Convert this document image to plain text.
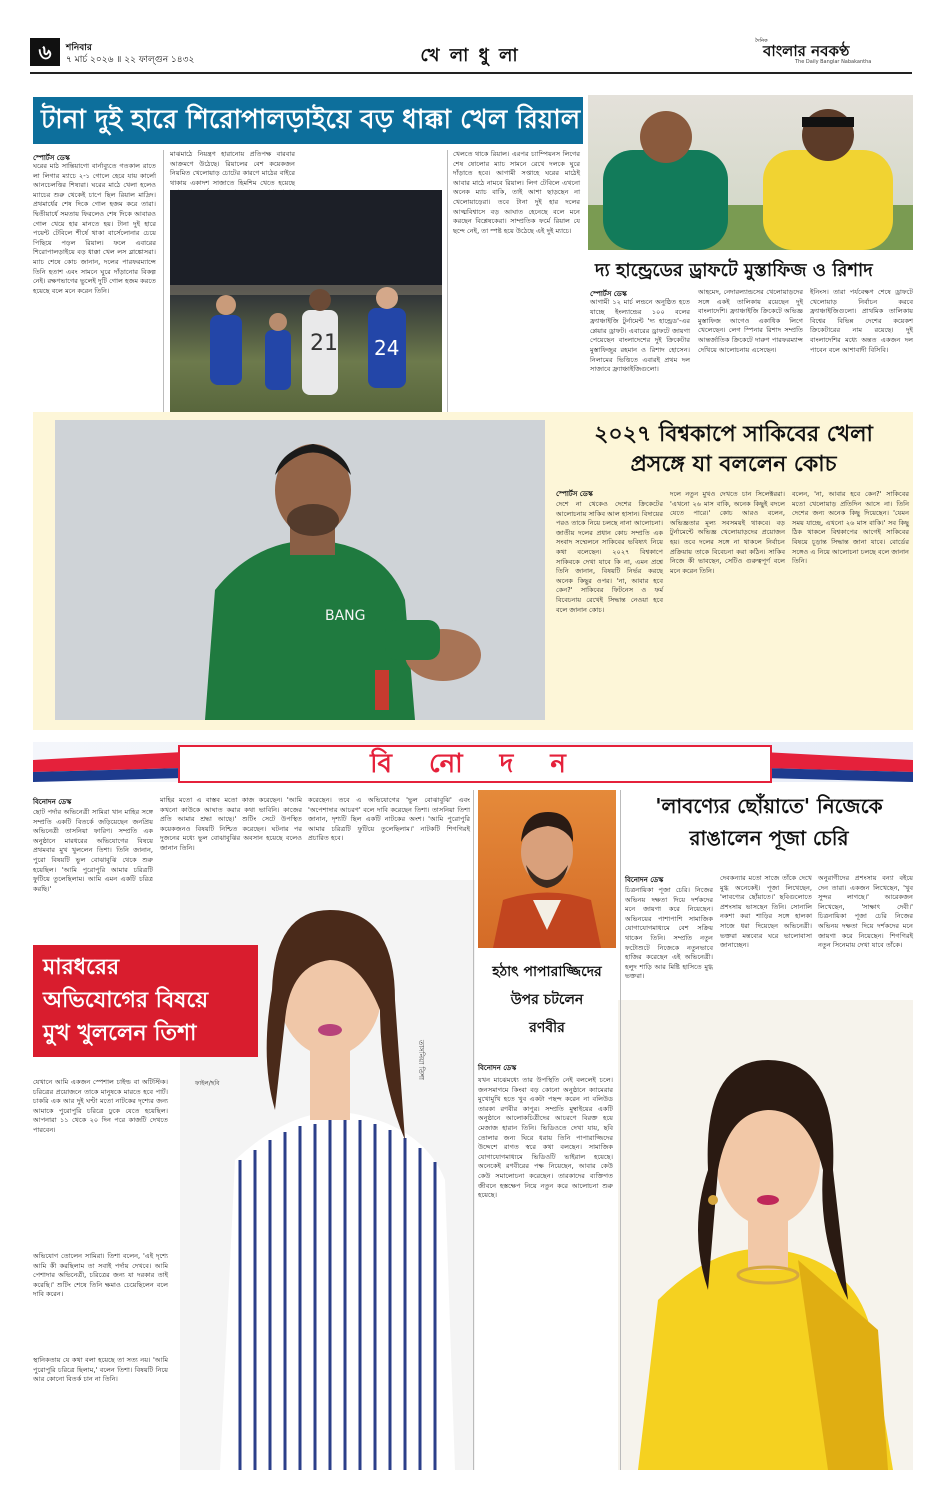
৬	শনিবার
৭ মার্চ ২০২৬ ॥ ২২ ফাল্গুন ১৪৩২	খে লা ধু লা
দৈনিক
বাংলার নবকণ্ঠ
The Daily Banglar Nabakantha
টানা দুই হারে শিরোপালড়াইয়ে বড় ধাক্কা খেল রিয়াল
স্পোর্টস ডেস্ক
ঘরের মাঠ সান্তিয়াগো বার্নাব্যুতে গতকাল রাতে লা লিগার ম্যাচে ২-১ গোলে হেরে যায় কার্লো আনচেলত্তির শিষ্যরা। ঘরের মাঠে খেলা হলেও ম্যাচের শুরু থেকেই চাপে ছিল রিয়াল মাদ্রিদ। প্রথমার্ধের শেষ দিকে গোল হজম করে তারা। দ্বিতীয়ার্ধে সমতায় ফিরলেও শেষ দিকে আবারও গোল খেয়ে হার মানতে হয়। টানা দুই হারে পয়েন্ট টেবিলে শীর্ষে থাকা বার্সেলোনার চেয়ে পিছিয়ে পড়ল রিয়াল। ফলে এবারের শিরোপালড়াইয়ে বড় ধাক্কা খেল লস ব্লাঙ্কোসরা। ম্যাচ শেষে কোচ জানান, দলের পারফরম্যান্সে তিনি হতাশ এবং সামনে ঘুরে দাঁড়ানোর বিকল্প নেই। রক্ষণভাগের ভুলেই দুটি গোল হজম করতে হয়েছে বলে মনে করেন তিনি।
মাঝমাঠে নিয়ন্ত্রণ হারানোয় প্রতিপক্ষ বারবার আক্রমণে উঠেছে। রিয়ালের বেশ কয়েকজন নিয়মিত খেলোয়াড় চোটের কারণে মাঠের বাইরে থাকায় একাদশ সাজাতে হিমশিম খেতে হয়েছে
খেলতে থাকে রিয়াল। এরপর চ্যাম্পিয়নস লিগের শেষ ষোলোর ম্যাচ সামনে রেখে দলকে ঘুরে দাঁড়াতে হবে। আগামী সপ্তাহে ঘরের মাঠেই আবার মাঠে নামবে রিয়াল। লিগ টেবিলে এখনো অনেক ম্যাচ বাকি, তাই আশা ছাড়ছেন না খেলোয়াড়েরা। তবে টানা দুই হার দলের আত্মবিশ্বাসে বড় আঘাত হেনেছে বলে মনে করছেন বিশ্লেষকেরা। সাম্প্রতিক ফর্মে রিয়াল যে ছন্দে নেই, তা স্পষ্ট হয়ে উঠেছে এই দুই ম্যাচে।
21 24
দ্য হান্ড্রেডের ড্রাফটে মুস্তাফিজ ও রিশাদ
স্পোর্টস ডেস্ক
আগামী ১২ মার্চ লন্ডনে অনুষ্ঠিত হতে যাচ্ছে ইংল্যান্ডের ১০০ বলের ফ্র্যাঞ্চাইজি টুর্নামেন্ট 'দ্য হান্ড্রেড'-এর প্লেয়ার ড্রাফট। এবারের ড্রাফটে জায়গা পেয়েছেন বাংলাদেশের দুই ক্রিকেটার মুস্তাফিজুর রহমান ও রিশাদ হোসেন। নিলামের ভিত্তিতে এবারই প্রথম দল সাজাবে ফ্র্যাঞ্চাইজিগুলো।
আহমেদ, নেদারল্যান্ডসের খেলোয়াড়দের সঙ্গে একই তালিকায় রয়েছেন দুই বাংলাদেশি। ফ্র্যাঞ্চাইজি ক্রিকেটে অভিজ্ঞ মুস্তাফিজ আগেও একাধিক লিগে খেলেছেন। লেগ স্পিনার রিশাদ সম্প্রতি আন্তর্জাতিক ক্রিকেটে দারুণ পারফরম্যান্স দেখিয়ে আলোচনায় এসেছেন।
ইনিংস। তারা পর্যবেক্ষণ শেষে ড্রাফটে খেলোয়াড় নির্বাচন করবে ফ্র্যাঞ্চাইজিগুলো। প্রাথমিক তালিকায় বিশ্বের বিভিন্ন দেশের কয়েকশ ক্রিকেটারের নাম রয়েছে। দুই বাংলাদেশির মধ্যে অন্তত একজন দল পাবেন বলে আশাবাদী বিসিবি।
BANG
২০২৭ বিশ্বকাপে সাকিবের খেলা
প্রসঙ্গে যা বললেন কোচ
স্পোর্টস ডেস্ক
দেশে না থেকেও দেশের ক্রিকেটের আলোচনায় সাকিব আল হাসান। বিদায়ের পরও তাকে নিয়ে চলছে নানা আলোচনা। জাতীয় দলের প্রধান কোচ সম্প্রতি এক সংবাদ সম্মেলনে সাকিবের ভবিষ্যৎ নিয়ে কথা বলেছেন। ২০২৭ বিশ্বকাপে সাকিবকে দেখা যাবে কি না, এমন প্রশ্নে তিনি জানান, বিষয়টি নির্ভর করছে অনেক কিছুর ওপর। 'না, আবার হবে কেন?' সাকিবের ফিটনেস ও ফর্ম বিবেচনায় রেখেই সিদ্ধান্ত নেওয়া হবে বলে জানান কোচ।
দলে নতুন মুখও দেখতে চান সিলেক্টররা। 'এখনো ২৬ মাস বাকি, অনেক কিছুই বদলে যেতে পারে।' কোচ আরও বলেন, অভিজ্ঞতার মূল্য সবসময়ই থাকবে। বড় টুর্নামেন্টে অভিজ্ঞ খেলোয়াড়দের প্রয়োজন হয়। তবে দলের সঙ্গে না থাকলে নির্বাচন প্রক্রিয়ায় তাকে বিবেচনা করা কঠিন। সাকিব নিজে কী ভাবছেন, সেটিও গুরুত্বপূর্ণ বলে মনে করেন তিনি।
বলেন, 'না, আবার হবে কেন?' সাকিবের মতো খেলোয়াড় প্রতিদিন আসে না। তিনি দেশের জন্য অনেক কিছু দিয়েছেন। 'যেমন সময় যাচ্ছে, এখনো ২৬ মাস বাকি।' সব কিছু ঠিক থাকলে বিশ্বকাপের আগেই সাকিবের বিষয়ে চূড়ান্ত সিদ্ধান্ত জানা যাবে। বোর্ডের সঙ্গেও এ নিয়ে আলোচনা চলছে বলে জানান তিনি।
বি নো দ ন
বিনোদন ডেস্ক
ছোট পর্দার অভিনেত্রী সামিরা খান মাহির সঙ্গে সম্প্রতি একটি বিতর্কে জড়িয়েছেন জনপ্রিয় অভিনেত্রী তাসনিয়া ফারিণ। সম্প্রতি এক অনুষ্ঠানে মারধরের অভিযোগের বিষয়ে প্রথমবার মুখ খুললেন তিশা। তিনি জানান, পুরো বিষয়টি ভুল বোঝাবুঝি থেকে শুরু হয়েছিল। 'আমি পুরোপুরি আমার চরিত্রটি ফুটিয়ে তুলেছিলাম। আমি এমন একটি চরিত্র করছি।'
মাহির মতো এ বাস্তব মতো কাজ করেছেন। 'আমি কখনো কাউকে আঘাত করার কথা ভাবিনি। কাজের প্রতি আমার শ্রদ্ধা আছে।' শুটিং সেটে উপস্থিত কয়েকজনও বিষয়টি নিশ্চিত করেছেন। ঘটনার পর দুজনের মধ্যে ভুল বোঝাবুঝির অবসান হয়েছে বলেও জানান তিনি।
করেছেন। তবে এ অভিযোগের 'ভুল বোঝাবুঝি' এবং 'অপেশাদার আচরণ' বলে দাবি করেছেন তিশা। তাসনিয়া তিশা জানান, দৃশ্যটি ছিল একটি নাটকের অংশ। 'আমি পুরোপুরি আমার চরিত্রটি ফুটিয়ে তুলেছিলাম।' নাটকটি শিগগিরই প্রচারিত হবে।
মারধরের
অভিযোগের বিষয়ে
মুখ খুললেন তিশা
তাসনিয়া তিশা
ফাইল/ছবি
যেখানে আমি একজন স্পেশাল চাইল্ড বা অটিস্টিক। চরিত্রের প্রয়োজনে তাকে মানুষকে মারতে হবে পার্ট। চাকরি এক আর দুই ঘণ্টা মতো নাটকের দৃশ্যের জন্য আমাকে পুরোপুরি চরিত্রে ঢুকে যেতে হয়েছিল। আপনারা ১১ থেকে ২০ দিন পরে কাজটি দেখতে পারবেন।
অভিযোগ তোলেন সামিরা। তিশা বলেন, 'এই দৃশ্যে আমি কী করছিলাম তা সবাই পর্দায় দেখবে। আমি পেশাদার অভিনেত্রী, চরিত্রের জন্য যা দরকার তাই করেছি।' শুটিং শেষে তিনি ক্ষমাও চেয়েছিলেন বলে দাবি করেন।
স্থানিকতায় যে কথা বলা হয়েছে তা সত্য নয়। 'আমি পুরোপুরি চরিত্রে ছিলাম,' বলেন তিশা। বিষয়টি নিয়ে আর কোনো বিতর্ক চান না তিনি।
হঠাৎ পাপারাজ্জিদের
উপর চটলেন
রণবীর
বিনোদন ডেস্ক
যখন মাঝেমধ্যে তার উপস্থিতি নেই বললেই চলে। জনসমাগমে কিংবা বড় কোনো অনুষ্ঠানে ক্যামেরার মুখোমুখি হতে খুব একটা পছন্দ করেন না বলিউড তারকা রণবীর কাপুর। সম্প্রতি মুম্বাইয়ের একটি অনুষ্ঠানে আলোকচিত্রীদের আচরণে বিরক্ত হয়ে মেজাজ হারান তিনি। ভিডিওতে দেখা যায়, ছবি তোলার জন্য ঘিরে ধরায় তিনি পাপারাজ্জিদের উদ্দেশে রাগত স্বরে কথা বলছেন। সামাজিক যোগাযোগমাধ্যমে ভিডিওটি ভাইরাল হয়েছে। অনেকেই রণবীরের পক্ষ নিয়েছেন, আবার কেউ কেউ সমালোচনা করেছেন। তারকাদের ব্যক্তিগত জীবনে হস্তক্ষেপ নিয়ে নতুন করে আলোচনা শুরু হয়েছে।
'লাবণ্যের ছোঁয়াতে' নিজেকে
রাঙালেন পূজা চেরি
বিনোদন ডেস্ক
চিত্রনায়িকা পূজা চেরি। নিজের অভিনয় দক্ষতা দিয়ে দর্শকদের মনে জায়গা করে নিয়েছেন। অভিনয়ের পাশাপাশি সামাজিক যোগাযোগমাধ্যমে বেশ সক্রিয় থাকেন তিনি। সম্প্রতি নতুন ফটোশুটে নিজেকে নতুনভাবে হাজির করেছেন এই অভিনেত্রী। হলুদ শাড়ি আর মিষ্টি হাসিতে মুগ্ধ ভক্তরা।
দেবকন্যার মতো সাজে তাঁকে দেখে মুগ্ধ অনেকেই। পূজা লিখেছেন, 'লাবণ্যের ছোঁয়াতে।' ছবিগুলোতে প্রশংসায় ভাসছেন তিনি। সোনালি নকশা করা শাড়ির সঙ্গে হালকা সাজে ধরা দিয়েছেন অভিনেত্রী। ভক্তরা মন্তব্যের ঘরে ভালোবাসা জানাচ্ছেন।
অনুরাগীদের প্রশংসায় বন্যা বইয়ে দেন তারা। একজন লিখেছেন, 'খুব সুন্দর লাগছে।' আরেকজন লিখেছেন, 'সাক্ষাৎ দেবী।' চিত্রনায়িকা পূজা চেরি নিজের অভিনয় দক্ষতা দিয়ে দর্শকদের মনে জায়গা করে নিয়েছেন। শিগগিরই নতুন সিনেমায় দেখা যাবে তাঁকে।
